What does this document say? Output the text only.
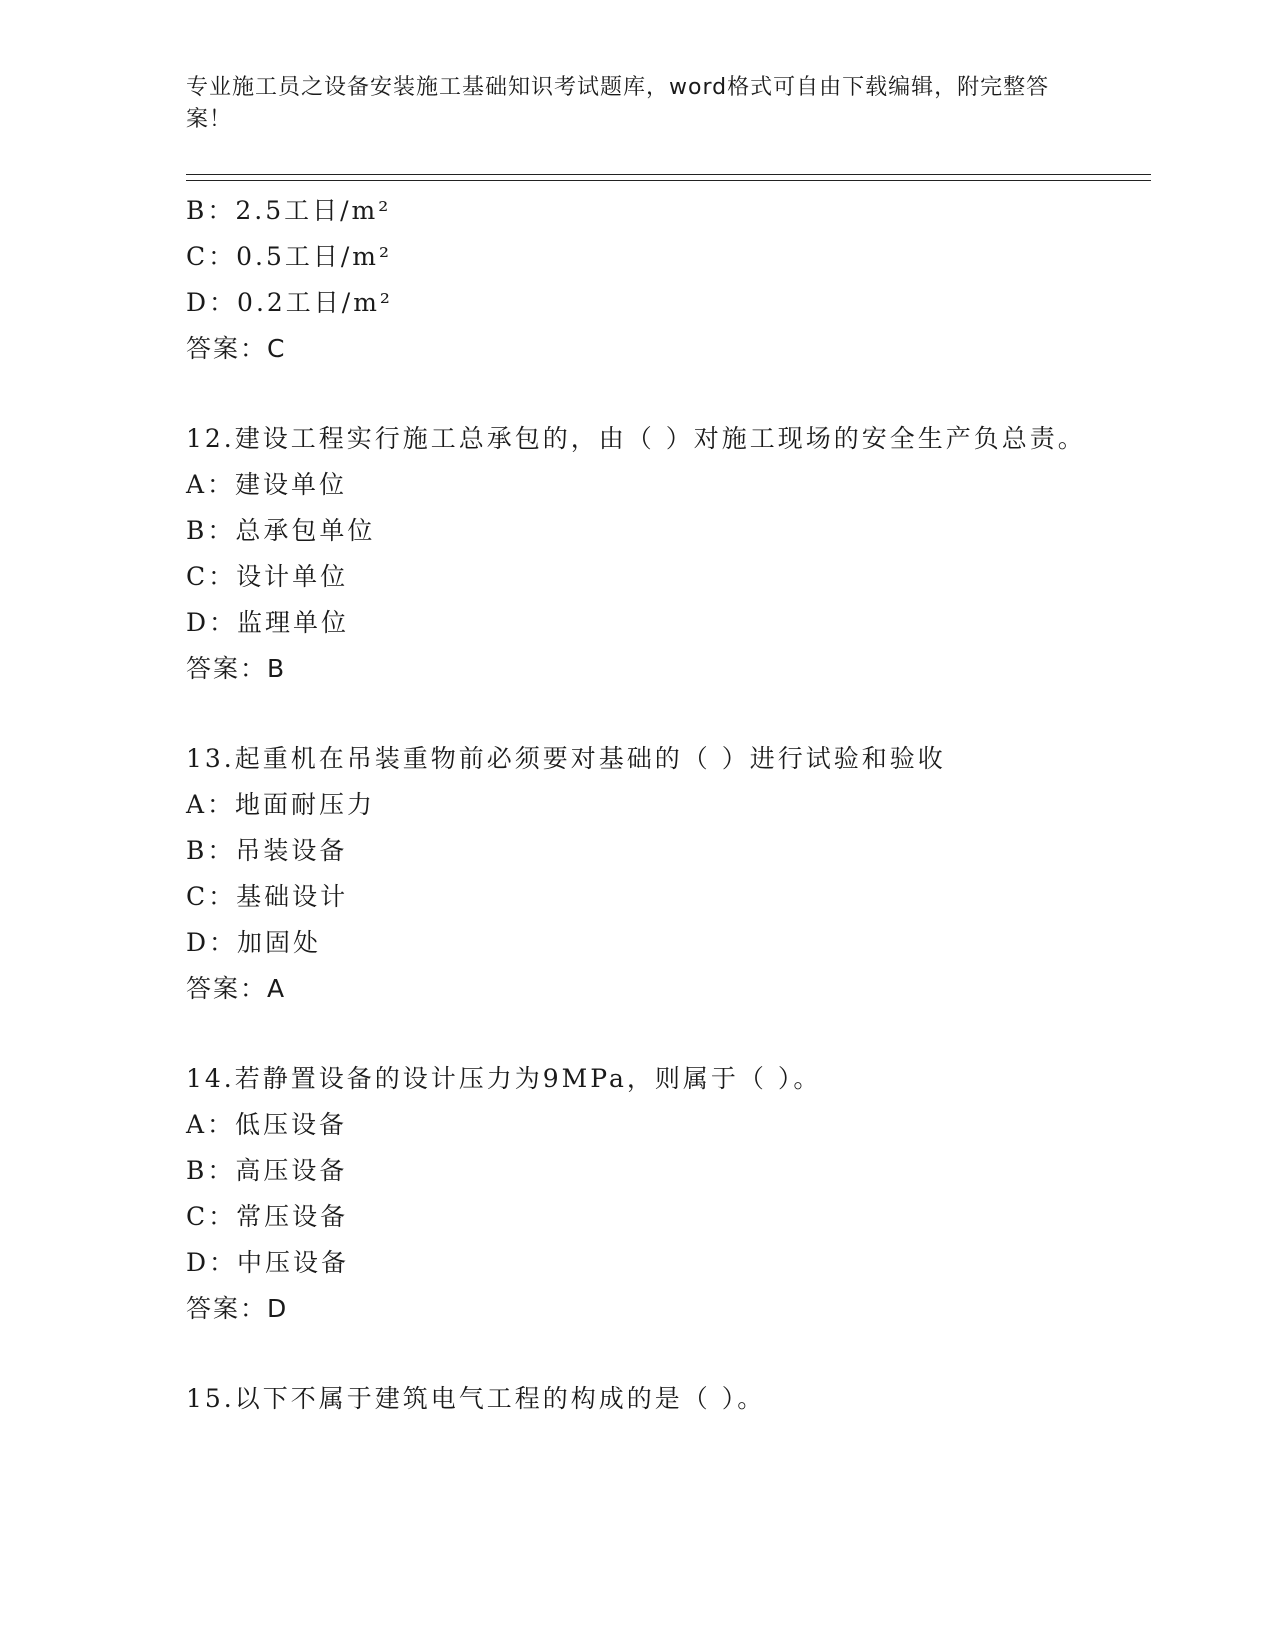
专业施工员之设备安装施工基础知识考试题库，word格式可自由下载编辑，附完整答案！
B：2.5工日/m²
C：0.5工日/m²
D：0.2工日/m²
答案：C
12.建设工程实行施工总承包的，由（ ）对施工现场的安全生产负总责。
A：建设单位
B：总承包单位
C：设计单位
D：监理单位
答案：B
13.起重机在吊装重物前必须要对基础的（ ）进行试验和验收
A：地面耐压力
B：吊装设备
C：基础设计
D：加固处
答案：A
14.若静置设备的设计压力为9MPa，则属于（ ）。
A：低压设备
B：高压设备
C：常压设备
D：中压设备
答案：D
15.以下不属于建筑电气工程的构成的是（ ）。
